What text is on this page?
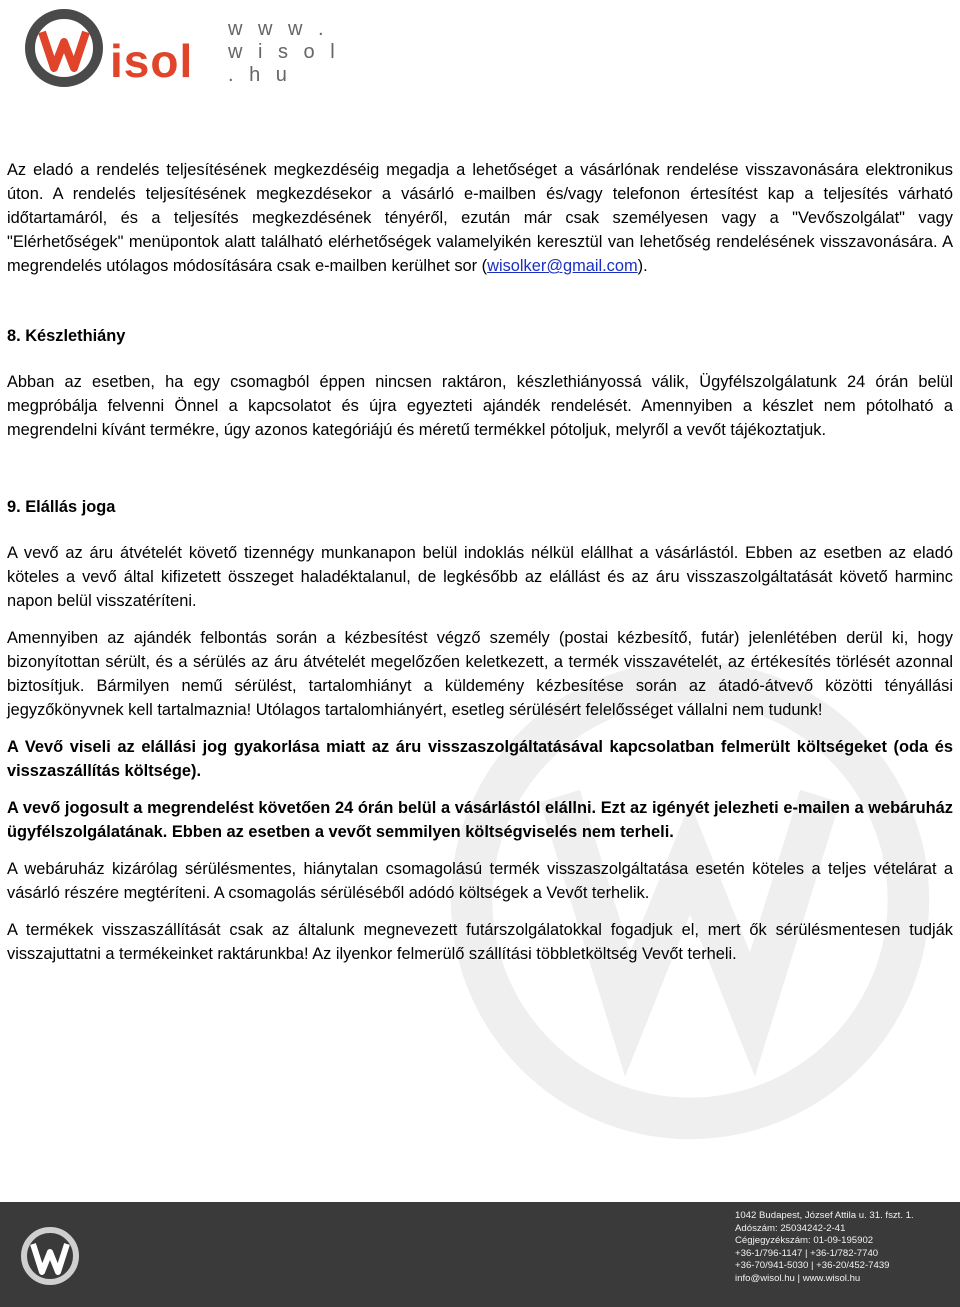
w w w . w i s o l . h u
isol

Az eladó a rendelés teljesítésének megkezdéséig megadja a lehetőséget a vásárlónak rendelése visszavonására elektronikus úton. A rendelés teljesítésének megkezdésekor a vásárló e-mailben és/vagy telefonon értesítést kap a teljesítés várható időtartamáról, és a teljesítés megkezdésének tényéről, ezután már csak személyesen vagy a "Vevőszolgálat" vagy "Elérhetőségek" menüpontok alatt található elérhetőségek valamelyikén keresztül van lehetőség rendelésének visszavonására. A megrendelés utólagos módosítására csak e-mailben kerülhet sor (wisolker@gmail.com).

8. Készlethiány

Abban az esetben, ha egy csomagból éppen nincsen raktáron, készlethiányossá válik, Ügyfélszolgálatunk 24 órán belül megpróbálja felvenni Önnel a kapcsolatot és újra egyezteti ajándék rendelését. Amennyiben a készlet nem pótolható a megrendelni kívánt termékre, úgy azonos kategóriájú és méretű termékkel pótoljuk, melyről a vevőt tájékoztatjuk.

9. Elállás joga

A vevő az áru átvételét követő tizennégy munkanapon belül indoklás nélkül elállhat a vásárlástól. Ebben az esetben az eladó köteles a vevő által kifizetett összeget haladéktalanul, de legkésőbb az elállást és az áru visszaszolgáltatását követő harminc napon belül visszatéríteni.

Amennyiben az ajándék felbontás során a kézbesítést végző személy (postai kézbesítő, futár) jelenlétében derül ki, hogy bizonyítottan sérült, és a sérülés az áru átvételét megelőzően keletkezett, a termék visszavételét, az értékesítés törlését azonnal biztosítjuk. Bármilyen nemű sérülést, tartalomhiányt a küldemény kézbesítése során az átadó-átvevő közötti tényállási jegyzőkönyvnek kell tartalmaznia! Utólagos tartalomhiányért, esetleg sérülésért felelősséget vállalni nem tudunk!

A Vevő viseli az elállási jog gyakorlása miatt az áru visszaszolgáltatásával kapcsolatban felmerült költségeket (oda és visszaszállítás költsége).

A vevő jogosult a megrendelést követően 24 órán belül a vásárlástól elállni. Ezt az igényét jelezheti e-mailen a webáruház ügyfélszolgálatának. Ebben az esetben a vevőt semmilyen költségviselés nem terheli.

A webáruház kizárólag sérülésmentes, hiánytalan csomagolású termék visszaszolgáltatása esetén köteles a teljes vételárat a vásárló részére megtéríteni. A csomagolás sérüléséből adódó költségek a Vevőt terhelik.

A termékek visszaszállítását csak az általunk megnevezett futárszolgálatokkal fogadjuk el, mert ők sérülésmentesen tudják visszajuttatni a termékeinket raktárunkba! Az ilyenkor felmerülő szállítási többletköltség Vevőt terheli.

1042 Budapest, József Attila u. 31. fszt. 1.
Adószám: 25034242-2-41
Cégjegyzékszám: 01-09-195902
+36-1/796-1147 | +36-1/782-7740
+36-70/941-5030 | +36-20/452-7439
info@wisol.hu | www.wisol.hu
